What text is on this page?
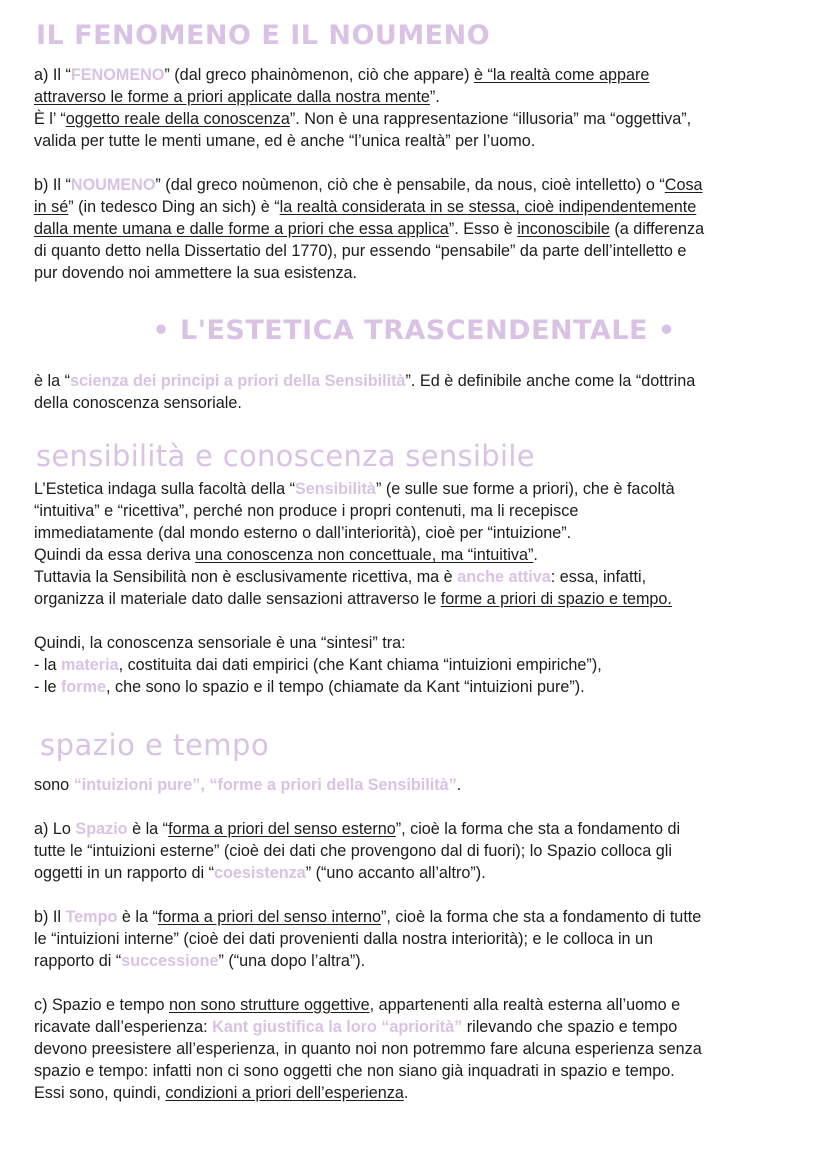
IL FENOMENO E IL NOUMENO

a) Il “FENOMENO” (dal greco phainòmenon, ciò che appare) è “la realtà come appare

attraverso le forme a priori applicate dalla nostra mente”.

È l’ “oggetto reale della conoscenza”. Non è una rappresentazione “illusoria” ma “oggettiva”,

valida per tutte le menti umane, ed è anche “l’unica realtà” per l’uomo.

b) Il “NOUMENO” (dal greco noùmenon, ciò che è pensabile, da nous, cioè intelletto) o “Cosa

in sé” (in tedesco Ding an sich) è “la realtà considerata in se stessa, cioè indipendentemente

dalla mente umana e dalle forme a priori che essa applica”. Esso è inconoscibile (a differenza

di quanto detto nella Dissertatio del 1770), pur essendo “pensabile” da parte dell’intelletto e

pur dovendo noi ammettere la sua esistenza.

• L'ESTETICA TRASCENDENTALE •

è la “scienza dei principi a priori della Sensibilità”. Ed è definibile anche come la “dottrina

della conoscenza sensoriale.

sensibilità e conoscenza sensibile

L’Estetica indaga sulla facoltà della “Sensibilità” (e sulle sue forme a priori), che è facoltà

“intuitiva” e “ricettiva”, perché non produce i propri contenuti, ma li recepisce

immediatamente (dal mondo esterno o dall’interiorità), cioè per “intuizione”.

Quindi da essa deriva una conoscenza non concettuale, ma “intuitiva”.

Tuttavia la Sensibilità non è esclusivamente ricettiva, ma è anche attiva: essa, infatti,

organizza il materiale dato dalle sensazioni attraverso le forme a priori di spazio e tempo.

Quindi, la conoscenza sensoriale è una “sintesi” tra:

- la materia, costituita dai dati empirici (che Kant chiama “intuizioni empiriche”),

- le forme, che sono lo spazio e il tempo (chiamate da Kant “intuizioni pure”).

spazio e tempo

sono “intuizioni pure”, “forme a priori della Sensibilità”.

a) Lo Spazio è la “forma a priori del senso esterno”, cioè la forma che sta a fondamento di

tutte le “intuizioni esterne” (cioè dei dati che provengono dal di fuori); lo Spazio colloca gli

oggetti in un rapporto di “coesistenza” (“uno accanto all’altro”).

b) Il Tempo è la “forma a priori del senso interno”, cioè la forma che sta a fondamento di tutte

le “intuizioni interne” (cioè dei dati provenienti dalla nostra interiorità); e le colloca in un

rapporto di “successione” (“una dopo l’altra”).

c) Spazio e tempo non sono strutture oggettive, appartenenti alla realtà esterna all’uomo e

ricavate dall’esperienza: Kant giustifica la loro “apriorità” rilevando che spazio e tempo

devono preesistere all’esperienza, in quanto noi non potremmo fare alcuna esperienza senza

spazio e tempo: infatti non ci sono oggetti che non siano già inquadrati in spazio e tempo.

Essi sono, quindi, condizioni a priori dell’esperienza.
